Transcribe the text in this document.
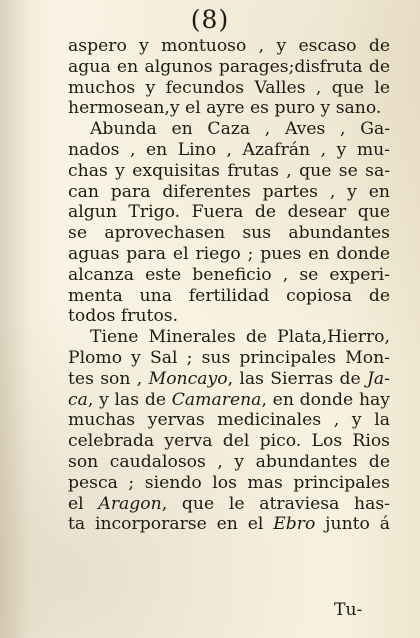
(8)
aspero y montuoso , y escaso de
agua en algunos parages;disfruta de
muchos y fecundos Valles , que le
hermosean,y el ayre es puro y sano.
Abunda en Caza , Aves , Ga-
nados , en Lino , Azafrán , y mu-
chas y exquisitas frutas , que se sa-
can para diferentes partes , y en
algun Trigo. Fuera de desear que
se aprovechasen sus abundantes
aguas para el riego ; pues en donde
alcanza este beneficio , se experi-
menta una fertilidad copiosa de
todos frutos.
Tiene Minerales de Plata,Hierro,
Plomo y Sal ; sus principales Mon-
tes son , Moncayo, las Sierras de Ja-
ca, y las de Camarena, en donde hay
muchas yervas medicinales , y la
celebrada yerva del pico. Los Rios
son caudalosos , y abundantes de
pesca ; siendo los mas principales
el Aragon, que le atraviesa has-
ta incorporarse en el Ebro junto á
Tu-
